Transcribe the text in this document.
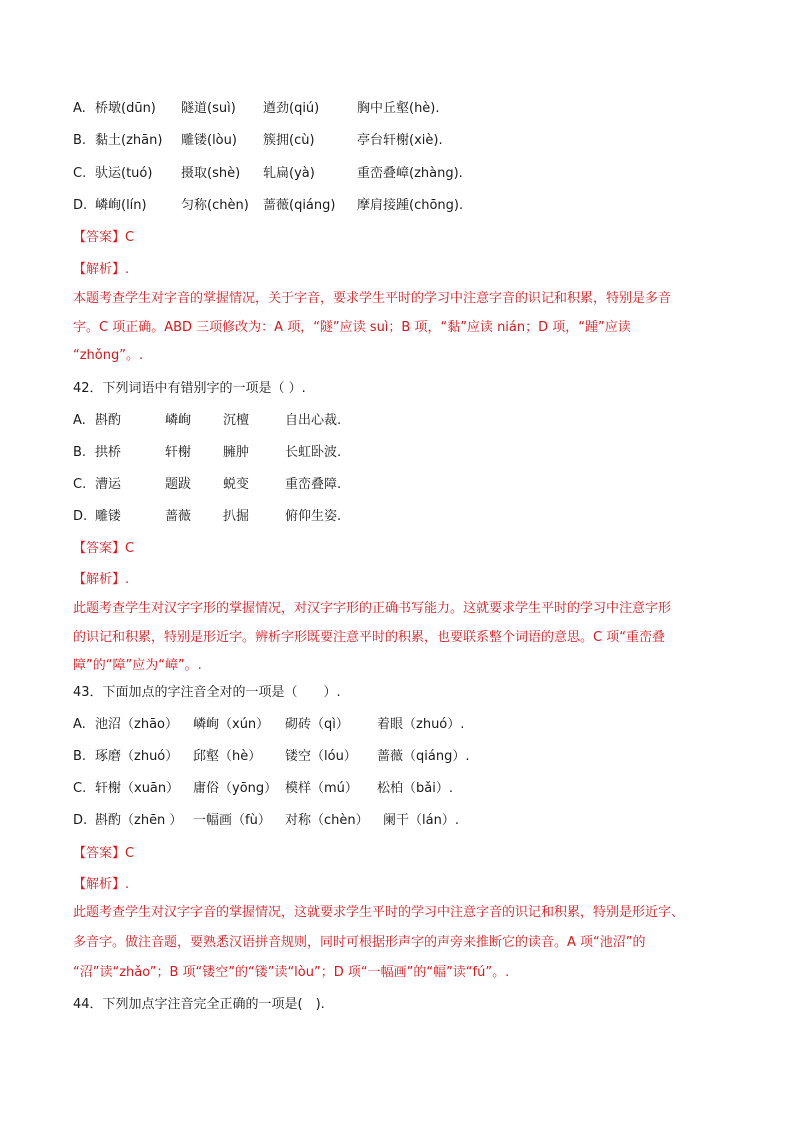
A. 桥墩(dūn) 隧道(suì) 遒劲(qiú)	胸中丘壑(hè).
B. 黏土(zhān) 雕镂(lòu) 簇拥(cù)	亭台轩榭(xiè).
C. 驮运(tuó) 摄取(shè) 轧扁(yà)	重峦叠嶂(zhàng).
D. 嶙峋(lín)	匀称(chèn) 蔷薇(qiáng) 摩肩接踵(chōng).
【答案】C
【解析】.
本题考查学生对字音的掌握情况，关于字音，要求学生平时的学习中注意字音的识记和积累，特别是多音
字。C 项正确。ABD 三项修改为：A 项，“隧”应读 suì；B 项，“黏”应读 nián；D 项，“踵”应读
“zhǒng”。.
42．下列词语中有错别字的一项是（ ）.
A. 斟酌	嶙峋 沉檀	自出心裁.
B. 拱桥	轩榭 臃肿	长虹卧波.
C. 漕运	题跋 蜕变	重峦叠障.
D. 雕镂	蔷薇 扒掘	俯仰生姿.
【答案】C
【解析】.
此题考查学生对汉字字形的掌握情况，对汉字字形的正确书写能力。这就要求学生平时的学习中注意字形
的识记和积累，特别是形近字。辨析字形既要注意平时的积累，也要联系整个词语的意思。C 项“重峦叠
障”的“障”应为“嶂”。.
43．下面加点的字注音全对的一项是（　　）.
A. 池沼（zhāo） 嶙峋（xún） 砌砖（qì） 着眼（zhuó）.
B. 琢磨（zhuó） 邱壑（hè） 镂空（lóu） 蔷薇（qiáng）.
C. 轩榭（xuān） 庸俗（yōng） 模样（mú） 松柏（bǎi）.
D. 斟酌（zhēn ） 一幅画（fù） 对称（chèn） 阑干（lán）.
【答案】C
【解析】.
此题考查学生对汉字字音的掌握情况，这就要求学生平时的学习中注意字音的识记和积累，特别是形近字、
多音字。做注音题，要熟悉汉语拼音规则，同时可根据形声字的声旁来推断它的读音。A 项“池沼”的
“沼”读“zhǎo”；B 项“镂空”的“镂”读“lòu”；D 项“一幅画”的“幅”读“fú”。.
44．下列加点字注音完全正确的一项是(　).
